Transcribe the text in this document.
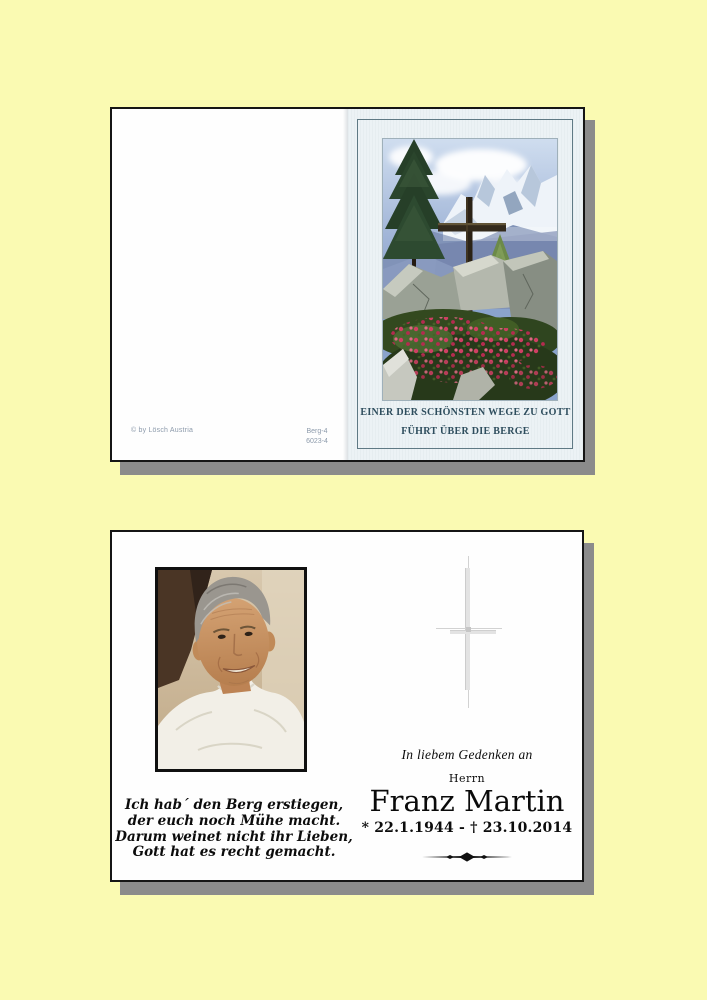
© by Lösch Austria	Berg-4
6023-4
EINER DER SCHÖNSTEN WEGE ZU GOTT
FÜHRT ÜBER DIE BERGE
Ich hab´ den Berg erstiegen,
der euch noch Mühe macht.
Darum weinet nicht ihr Lieben,
Gott hat es recht gemacht.
In liebem Gedenken an
Herrn
Franz Martin
* 22.1.1944 - † 23.10.2014
